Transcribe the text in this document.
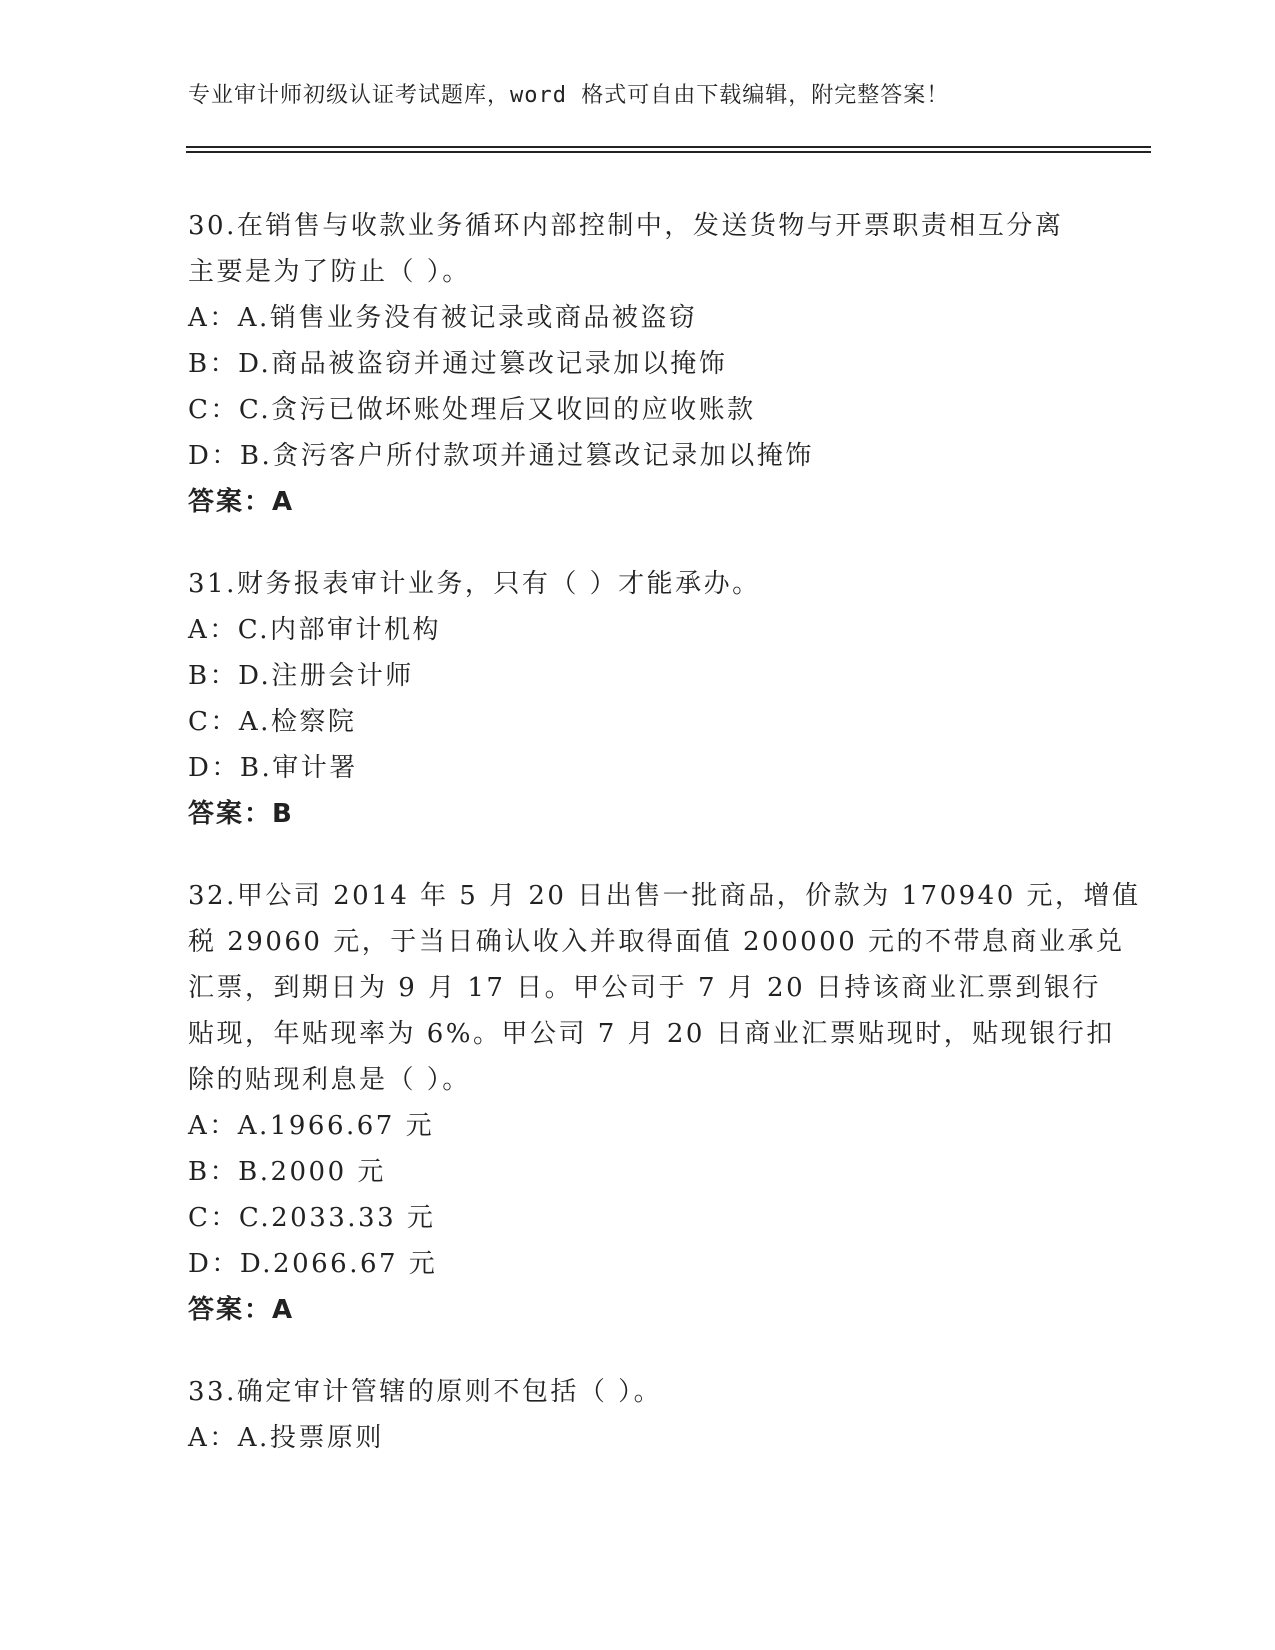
专业审计师初级认证考试题库，word 格式可自由下载编辑，附完整答案！
30.在销售与收款业务循环内部控制中，发送货物与开票职责相互分离
主要是为了防止（ ）。
A：A.销售业务没有被记录或商品被盗窃
B：D.商品被盗窃并通过篡改记录加以掩饰
C：C.贪污已做坏账处理后又收回的应收账款
D：B.贪污客户所付款项并通过篡改记录加以掩饰
答案：A
31.财务报表审计业务，只有（ ）才能承办。
A：C.内部审计机构
B：D.注册会计师
C：A.检察院
D：B.审计署
答案：B
32.甲公司 2014 年 5 月 20 日出售一批商品，价款为 170940 元，增值
税 29060 元，于当日确认收入并取得面值 200000 元的不带息商业承兑
汇票，到期日为 9 月 17 日。甲公司于 7 月 20 日持该商业汇票到银行
贴现，年贴现率为 6%。甲公司 7 月 20 日商业汇票贴现时，贴现银行扣
除的贴现利息是（ ）。
A：A.1966.67 元
B：B.2000 元
C：C.2033.33 元
D：D.2066.67 元
答案：A
33.确定审计管辖的原则不包括（ ）。
A：A.投票原则
